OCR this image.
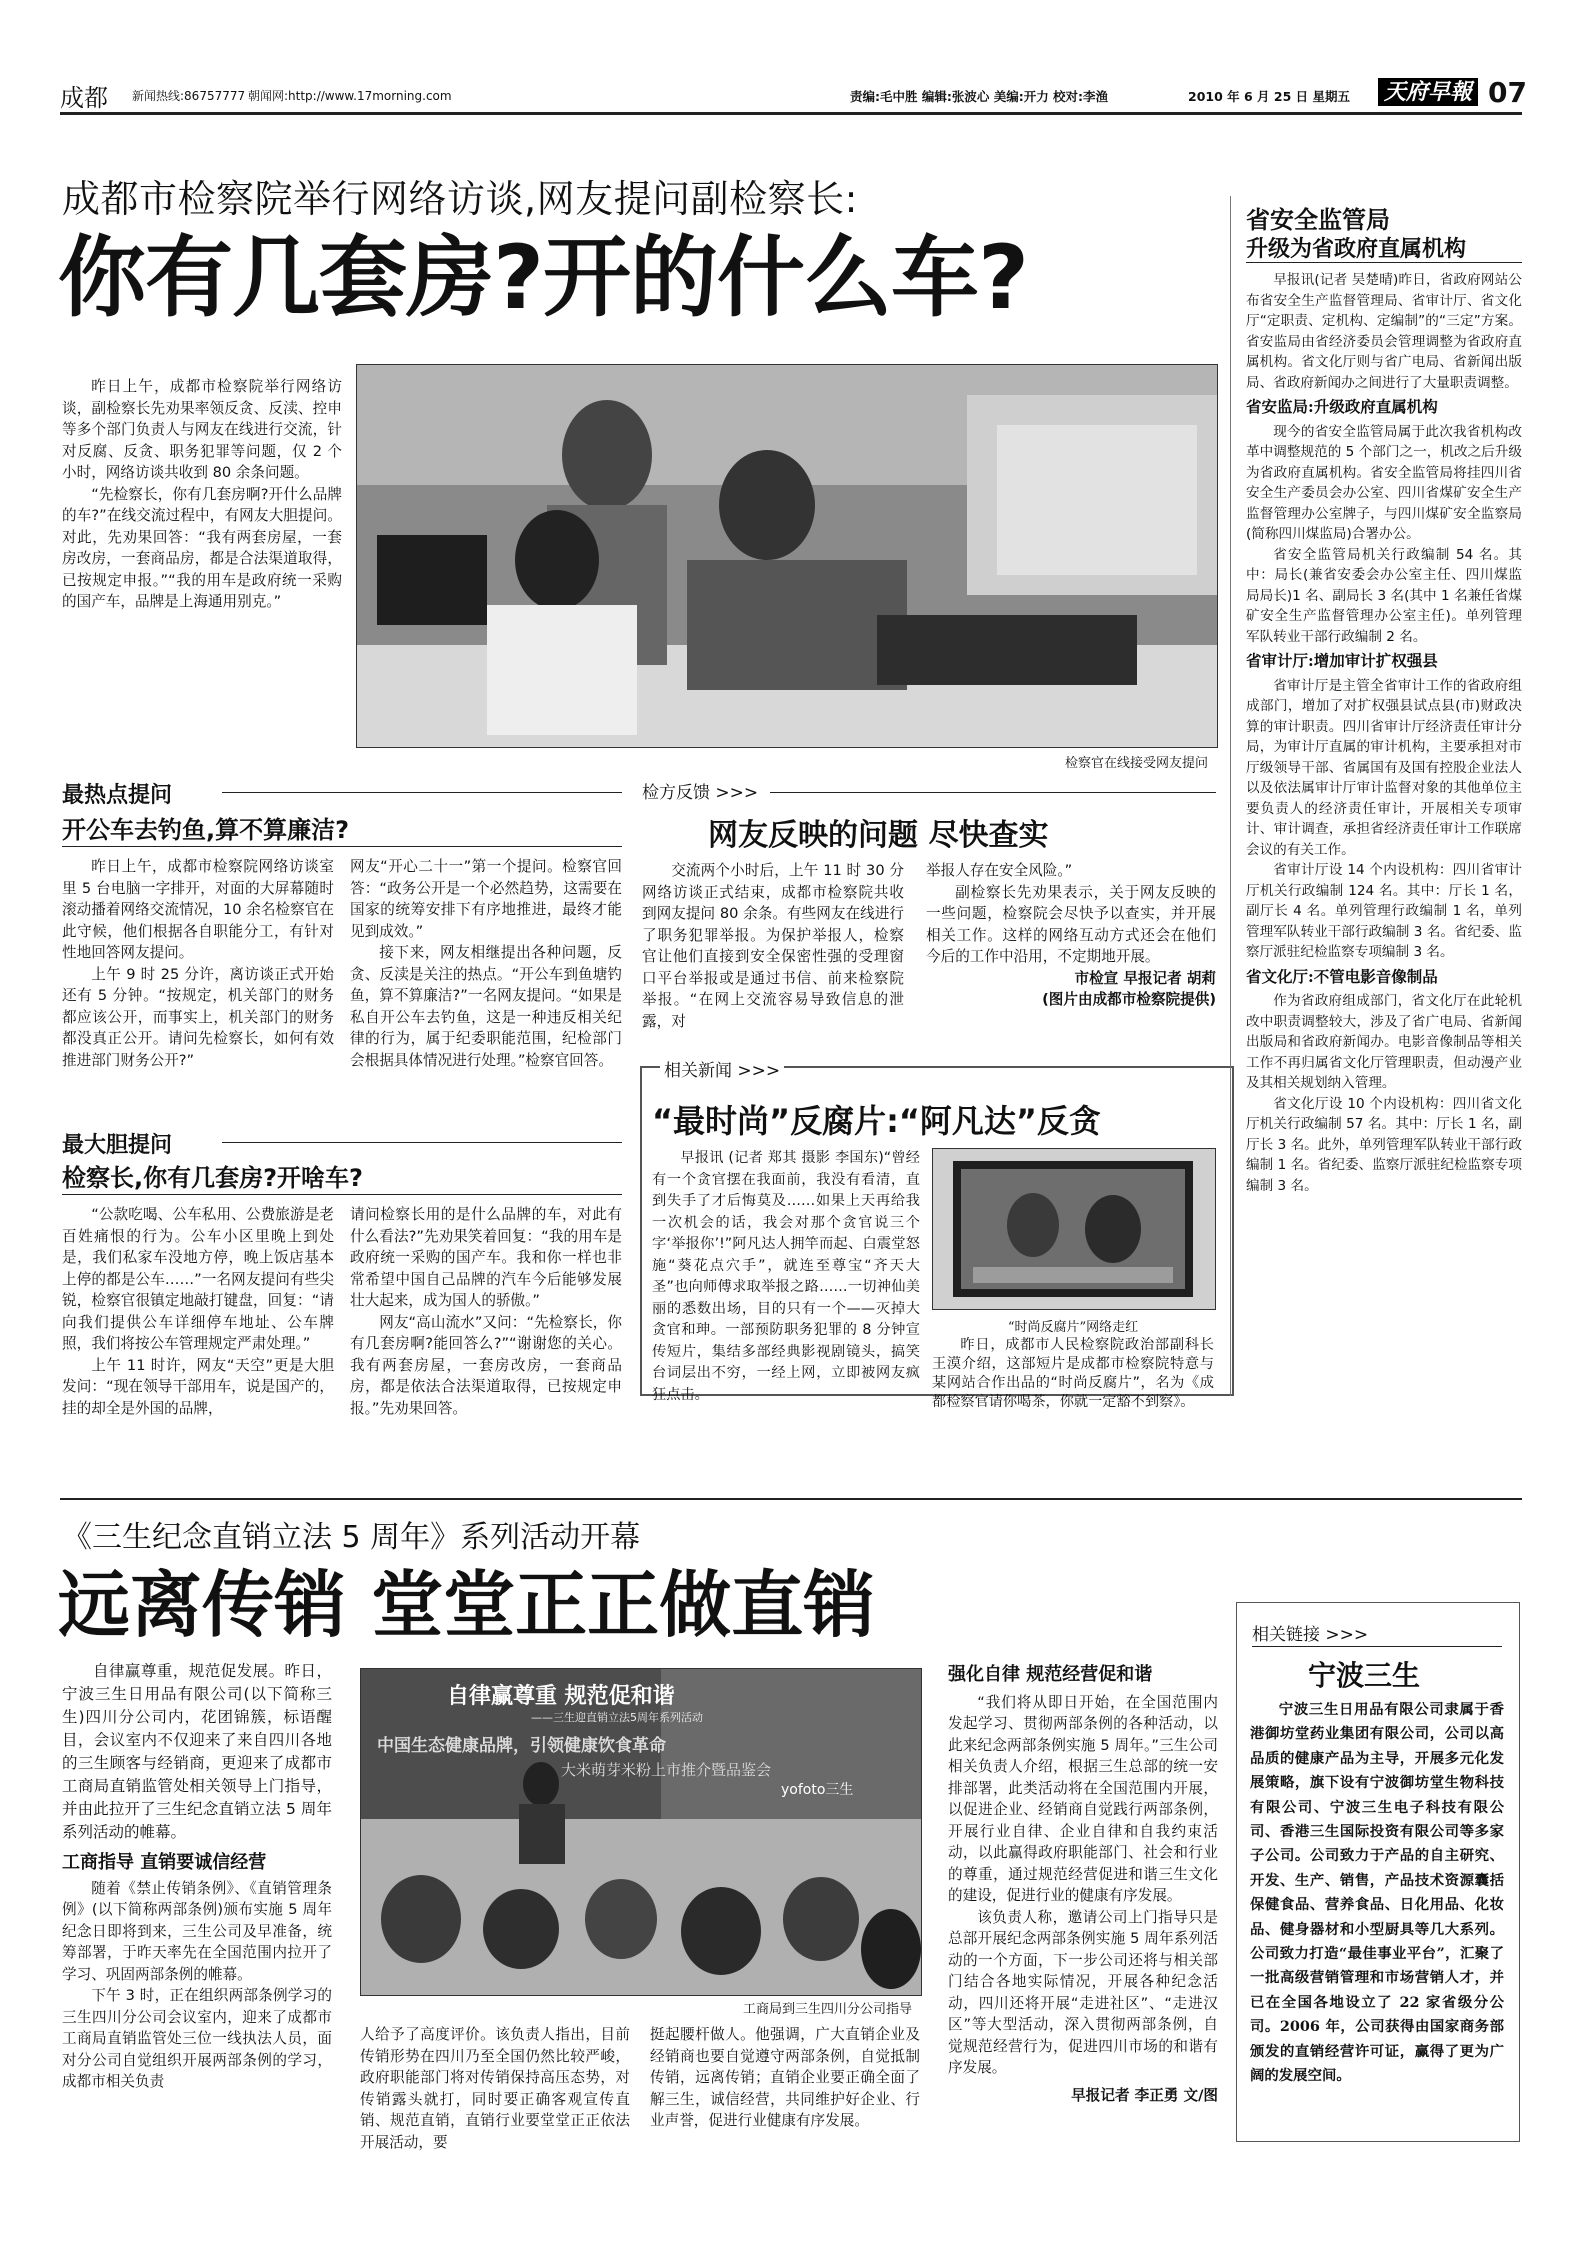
成都 新闻热线:86757777 朝闻网:http://www.17morning.com	责编:毛中胜 编辑:张波心 美编:开力 校对:李渔	2010 年 6 月 25 日 星期五 天府早報 07
成都市检察院举行网络访谈,网友提问副检察长:
你有几套房?开的什么车?

昨日上午，成都市检察院举行网络访谈，副检察长先劝果率领反贪、反渎、控申等多个部门负责人与网友在线进行交流，针对反腐、反贪、职务犯罪等问题，仅 2 个小时，网络访谈共收到 80 余条问题。

“先检察长，你有几套房啊?开什么品牌的车?”在线交流过程中，有网友大胆提问。对此，先劝果回答：“我有两套房屋，一套房改房，一套商品房，都是合法渠道取得，已按规定申报。”“我的用车是政府统一采购的国产车，品牌是上海通用别克。”

检察官在线接受网友提问
最热点提问
开公车去钓鱼,算不算廉洁?

昨日上午，成都市检察院网络访谈室里 5 台电脑一字排开，对面的大屏幕随时滚动播着网络交流情况，10 余名检察官在此守候，他们根据各自职能分工，有针对性地回答网友提问。

上午 9 时 25 分许，离访谈正式开始还有 5 分钟。“按规定，机关部门的财务都应该公开，而事实上，机关部门的财务都没真正公开。请问先检察长，如何有效推进部门财务公开?”

网友“开心二十一”第一个提问。检察官回答：“政务公开是一个必然趋势，这需要在国家的统筹安排下有序地推进，最终才能见到成效。”

接下来，网友相继提出各种问题，反贪、反渎是关注的热点。“开公车到鱼塘钓鱼，算不算廉洁?”一名网友提问。“如果是私自开公车去钓鱼，这是一种违反相关纪律的行为，属于纪委职能范围，纪检部门会根据具体情况进行处理。”检察官回答。

最大胆提问
检察长,你有几套房?开啥车?

“公款吃喝、公车私用、公费旅游是老百姓痛恨的行为。公车小区里晚上到处是，我们私家车没地方停，晚上饭店基本上停的都是公车……”一名网友提问有些尖锐，检察官很镇定地敲打键盘，回复：“请向我们提供公车详细停车地址、公车牌照，我们将按公车管理规定严肃处理。”

上午 11 时许，网友“天空”更是大胆发问：“现在领导干部用车，说是国产的，挂的却全是外国的品牌，

请问检察长用的是什么品牌的车，对此有什么看法?”先劝果笑着回复：“我的用车是政府统一采购的国产车。我和你一样也非常希望中国自己品牌的汽车今后能够发展壮大起来，成为国人的骄傲。”

网友“高山流水”又问：“先检察长，你有几套房啊?能回答么?”“谢谢您的关心。我有两套房屋，一套房改房，一套商品房，都是依法合法渠道取得，已按规定申报。”先劝果回答。

检方反馈 >>>
网友反映的问题 尽快查实
交流两个小时后，上午 11 时 30 分网络访谈正式结束，成都市检察院共收到网友提问 80 余条。有些网友在线进行了职务犯罪举报。为保护举报人，检察官让他们直接到安全保密性强的受理窗口平台举报或是通过书信、前来检察院举报。“在网上交流容易导致信息的泄露，对
举报人存在安全风险。”

副检察长先劝果表示，关于网友反映的一些问题，检察院会尽快予以查实，并开展相关工作。这样的网络互动方式还会在他们今后的工作中沿用，不定期地开展。

市检宣 早报记者 胡莉
(图片由成都市检察院提供)
相关新闻 >>>
“最时尚”反腐片:“阿凡达”反贪
早报讯 (记者 郑其 摄影 李国东)“曾经有一个贪官摆在我面前，我没有看清，直到失手了才后悔莫及……如果上天再给我一次机会的话，我会对那个贪官说三个字‘举报你’!”阿凡达人拥竿而起、白震堂怒施“葵花点穴手”，就连至尊宝“齐天大圣”也向师傅求取举报之路……一切神仙美丽的悉数出场，目的只有一个——灭掉大贪官和珅。一部预防职务犯罪的 8 分钟宣传短片，集结多部经典影视剧镜头，搞笑台词层出不穷，一经上网，立即被网友疯狂点击。
“时尚反腐片”网络走红
昨日，成都市人民检察院政治部副科长王漠介绍，这部短片是成都市检察院特意与某网站合作出品的“时尚反腐片”，名为《成都检察官请你喝茶，你就一定豁不到察》。
省安全监管局
升级为省政府直属机构

早报讯(记者 吴楚晴)昨日，省政府网站公布省安全生产监督管理局、省审计厅、省文化厅“定职责、定机构、定编制”的“三定”方案。省安监局由省经济委员会管理调整为省政府直属机构。省文化厅则与省广电局、省新闻出版局、省政府新闻办之间进行了大量职责调整。

省安监局:升级政府直属机构

现今的省安全监管局属于此次我省机构改革中调整规范的 5 个部门之一，机改之后升级为省政府直属机构。省安全监管局将挂四川省安全生产委员会办公室、四川省煤矿安全生产监督管理办公室牌子，与四川煤矿安全监察局(简称四川煤监局)合署办公。

省安全监管局机关行政编制 54 名。其中：局长(兼省安委会办公室主任、四川煤监局局长)1 名、副局长 3 名(其中 1 名兼任省煤矿安全生产监督管理办公室主任)。单列管理军队转业干部行政编制 2 名。

省审计厅:增加审计扩权强县

省审计厅是主管全省审计工作的省政府组成部门，增加了对扩权强县试点县(市)财政决算的审计职责。四川省审计厅经济责任审计分局，为审计厅直属的审计机构，主要承担对市厅级领导干部、省属国有及国有控股企业法人以及依法属审计厅审计监督对象的其他单位主要负责人的经济责任审计，开展相关专项审计、审计调查，承担省经济责任审计工作联席会议的有关工作。

省审计厅设 14 个内设机构：四川省审计厅机关行政编制 124 名。其中：厅长 1 名，副厅长 4 名。单列管理行政编制 1 名，单列管理军队转业干部行政编制 3 名。省纪委、监察厅派驻纪检监察专项编制 3 名。

省文化厅:不管电影音像制品

作为省政府组成部门，省文化厅在此轮机改中职责调整较大，涉及了省广电局、省新闻出版局和省政府新闻办。电影音像制品等相关工作不再归属省文化厅管理职责，但动漫产业及其相关规划纳入管理。

省文化厅设 10 个内设机构：四川省文化厅机关行政编制 57 名。其中：厅长 1 名，副厅长 3 名。此外，单列管理军队转业干部行政编制 1 名。省纪委、监察厅派驻纪检监察专项编制 3 名。

《三生纪念直销立法 5 周年》系列活动开幕
远离传销 堂堂正正做直销

自律赢尊重，规范促发展。昨日，宁波三生日用品有限公司(以下简称三生)四川分公司内，花团锦簇，标语醒目，会议室内不仅迎来了来自四川各地的三生顾客与经销商，更迎来了成都市工商局直销监管处相关领导上门指导，并由此拉开了三生纪念直销立法 5 周年系列活动的帷幕。

工商指导 直销要诚信经营

随着《禁止传销条例》、《直销管理条例》(以下简称两部条例)颁布实施 5 周年纪念日即将到来，三生公司及早准备，统筹部署，于昨天率先在全国范围内拉开了学习、巩固两部条例的帷幕。

下午 3 时，正在组织两部条例学习的三生四川分公司会议室内，迎来了成都市工商局直销监管处三位一线执法人员，面对分公司自觉组织开展两部条例的学习，成都市相关负责

自律赢尊重 规范促和谐
——三生迎直销立法5周年系列活动
中国生态健康品牌，引领健康饮食革命
大米萌芽米粉上市推介暨品鉴会
yofoto三生
工商局到三生四川分公司指导
人给予了高度评价。该负责人指出，目前传销形势在四川乃至全国仍然比较严峻，政府职能部门将对传销保持高压态势，对传销露头就打，同时要正确客观宣传直销、规范直销，直销行业要堂堂正正依法开展活动，要
挺起腰杆做人。他强调，广大直销企业及经销商也要自觉遵守两部条例，自觉抵制传销，远离传销；直销企业要正确全面了解三生，诚信经营，共同维护好企业、行业声誉，促进行业健康有序发展。
强化自律 规范经营促和谐

“我们将从即日开始，在全国范围内发起学习、贯彻两部条例的各种活动，以此来纪念两部条例实施 5 周年。”三生公司相关负责人介绍，根据三生总部的统一安排部署，此类活动将在全国范围内开展，以促进企业、经销商自觉践行两部条例，开展行业自律、企业自律和自我约束活动，以此赢得政府职能部门、社会和行业的尊重，通过规范经营促进和谐三生文化的建设，促进行业的健康有序发展。

该负责人称，邀请公司上门指导只是总部开展纪念两部条例实施 5 周年系列活动的一个方面，下一步公司还将与相关部门结合各地实际情况，开展各种纪念活动，四川还将开展“走进社区”、“走进汉区”等大型活动，深入贯彻两部条例，自觉规范经营行为，促进四川市场的和谐有序发展。

早报记者 李正勇 文/图
相关链接 >>>
宁波三生
宁波三生日用品有限公司隶属于香港御坊堂药业集团有限公司，公司以高品质的健康产品为主导，开展多元化发展策略，旗下设有宁波御坊堂生物科技有限公司、宁波三生电子科技有限公司、香港三生国际投资有限公司等多家子公司。公司致力于产品的自主研究、开发、生产、销售，产品技术资源囊括保健食品、营养食品、日化用品、化妆品、健身器材和小型厨具等几大系列。公司致力打造“最佳事业平台”，汇聚了一批高级营销管理和市场营销人才，并已在全国各地设立了 22 家省级分公司。2006 年，公司获得由国家商务部颁发的直销经营许可证，赢得了更为广阔的发展空间。
